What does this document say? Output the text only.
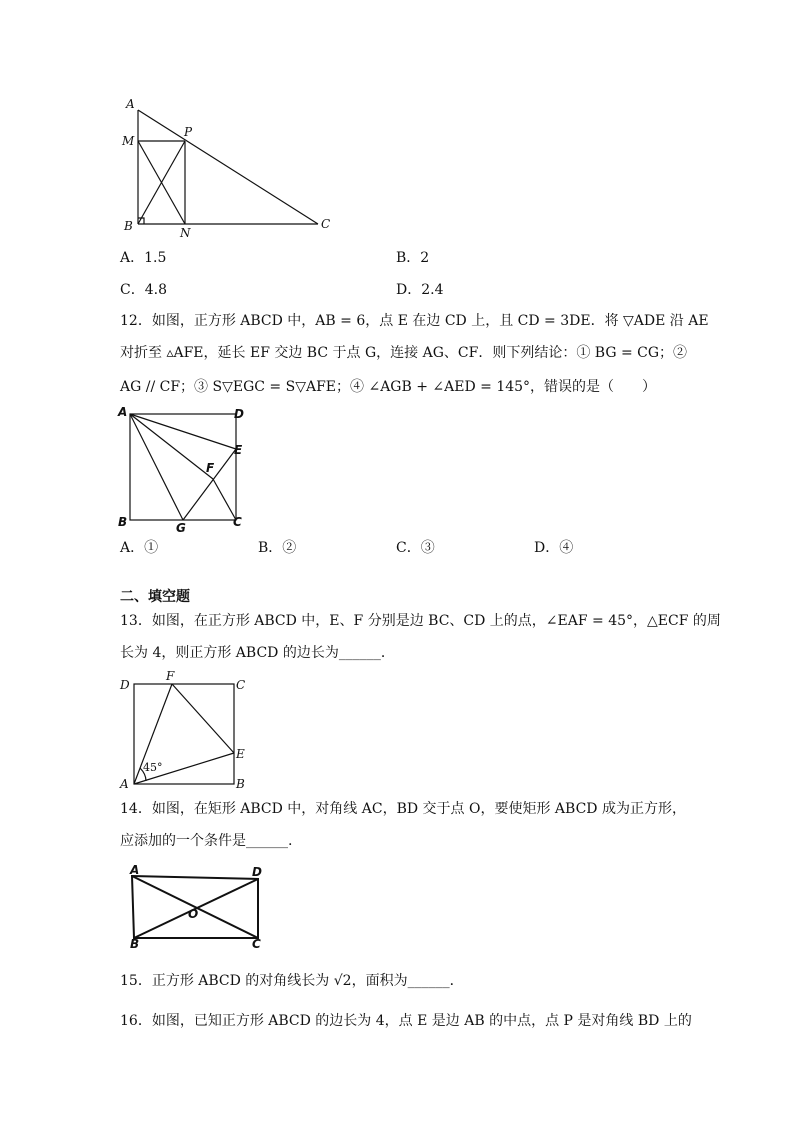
A
M
P
B	N
C
A．1.5	B．2
C．4.8	D．2.4
12．如图，正方形 ABCD 中，AB = 6，点 E 在边 CD 上，且 CD = 3DE．将 ▽ADE 沿 AE
对折至 ▵AFE，延长 EF 交边 BC 于点 G，连接 AG、CF．则下列结论：① BG = CG；②
AG // CF；③ S▽EGC = S▽AFE；④ ∠AGB + ∠AED = 145°，错误的是（　　）
A	D
E
F
B	G	C
A．①	B．②	C．③	D．④
二、填空题
13．如图，在正方形 ABCD 中，E、F 分别是边 BC、CD 上的点，∠EAF = 45°，△ECF 的周
长为 4，则正方形 ABCD 的边长为______．
D
F
C
E
A	B
45°
14．如图，在矩形 ABCD 中，对角线 AC，BD 交于点 O，要使矩形 ABCD 成为正方形，
应添加的一个条件是______.
A	D
O
B	C
15．正方形 ABCD 的对角线长为 √2，面积为______．
16．如图，已知正方形 ABCD 的边长为 4，点 E 是边 AB 的中点，点 P 是对角线 BD 上的
